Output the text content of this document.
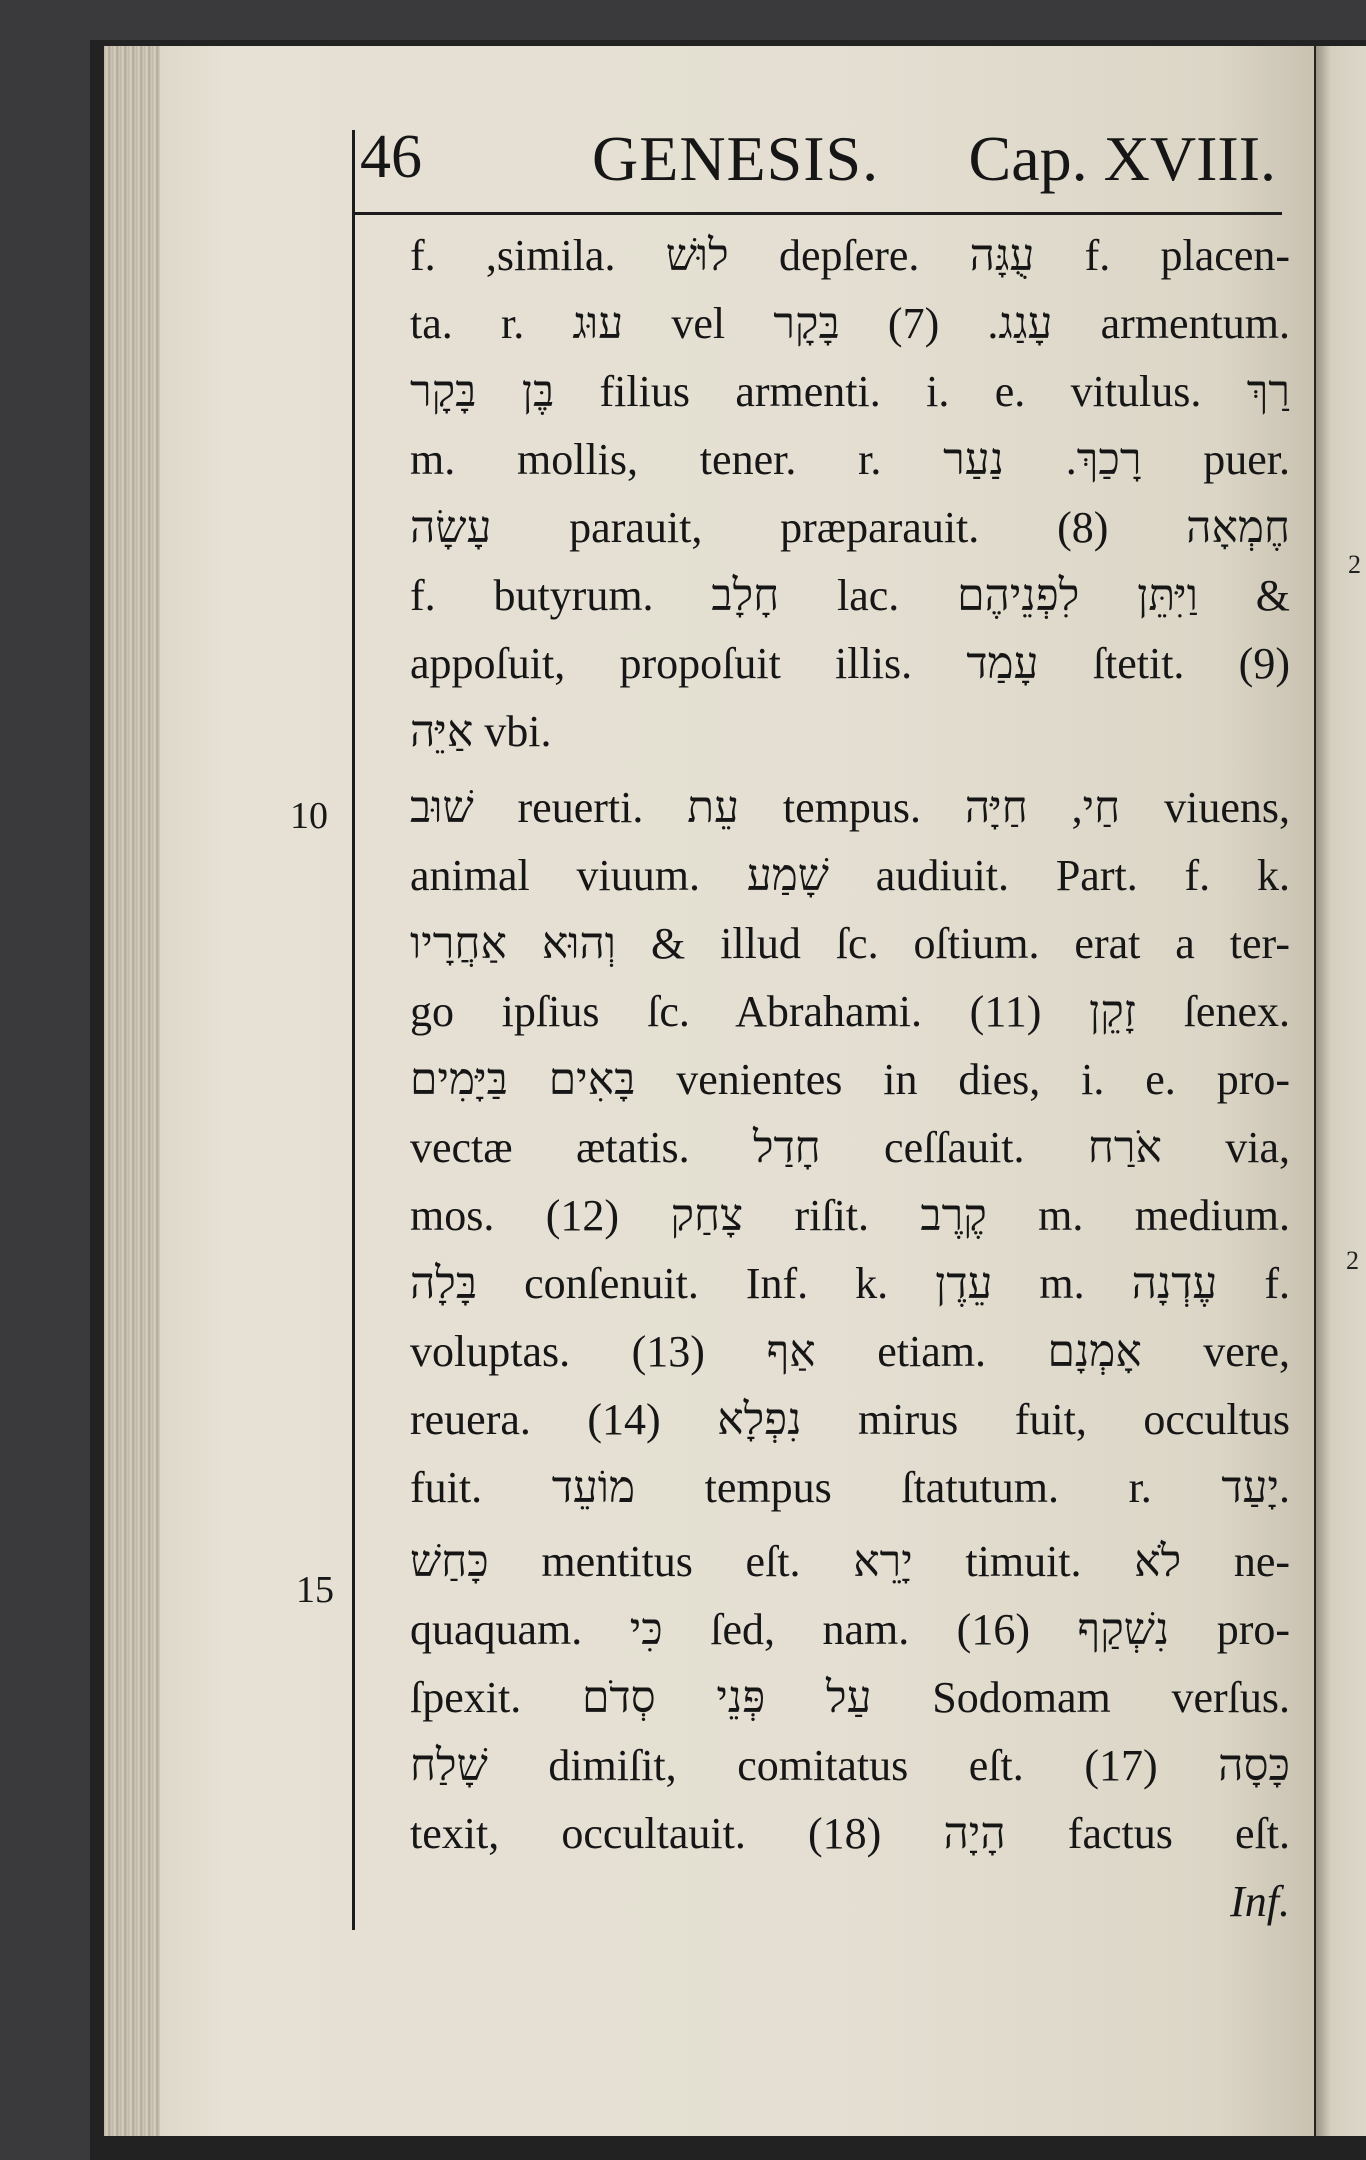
2
2
46	GENESIS. Cap. XVIII.
10
15
f. ,simila. לוּשׁ depſere. עֻגָּה f. placen-
ta. r. עוּג vel עָגַג. (7) בָּקָר armentum.
בֶּן בָּקָר filius armenti. i. e. vitulus. רַךְ
m. mollis, tener. r. רָכַךְ. נַעַר puer.
עָשָׂה parauit, præparauit. (8) חֶמְאָה
f. butyrum. חָלָב lac. וַיִּתֵּן לִפְנֵיהֶם &
appoſuit, propoſuit illis. עָמַד ſtetit. (9)
אַיֵּה vbi.
שׁוּב reuerti. עֵת tempus. חַי, חַיָּה viuens,
animal viuum. שָׁמַע audiuit. Part. f. k.
וְהוּא אַחֲרָיו & illud ſc. oſtium. erat a ter-
go ipſius ſc. Abrahami. (11) זָקֵן ſenex.
בָּאִים בַּיָּמִים venientes in dies, i. e. pro-
vectæ ætatis. חָדַל ceſſauit. אֹרַח via,
mos. (12) צָחַק riſit. קֶרֶב m. medium.
בָּלָה conſenuit. Inf. k. עֵדֶן m. עֶדְנָה f.
voluptas. (13) אַף etiam. אָמְנָם vere,
reuera. (14) נִפְלָא mirus fuit, occultus
fuit. מוֹעֵד tempus ſtatutum. r. יָעַד.
כָּחַשׁ mentitus eſt. יָרֵא timuit. לֹא ne-
quaquam. כִּי ſed, nam. (16) נִשְׁקַף pro-
ſpexit. עַל פְּנֵי סְדֹם Sodomam verſus.
שָׁלַח dimiſit, comitatus eſt. (17) כָּסָה
texit, occultauit. (18) הָיָה factus eſt.
Inf.
